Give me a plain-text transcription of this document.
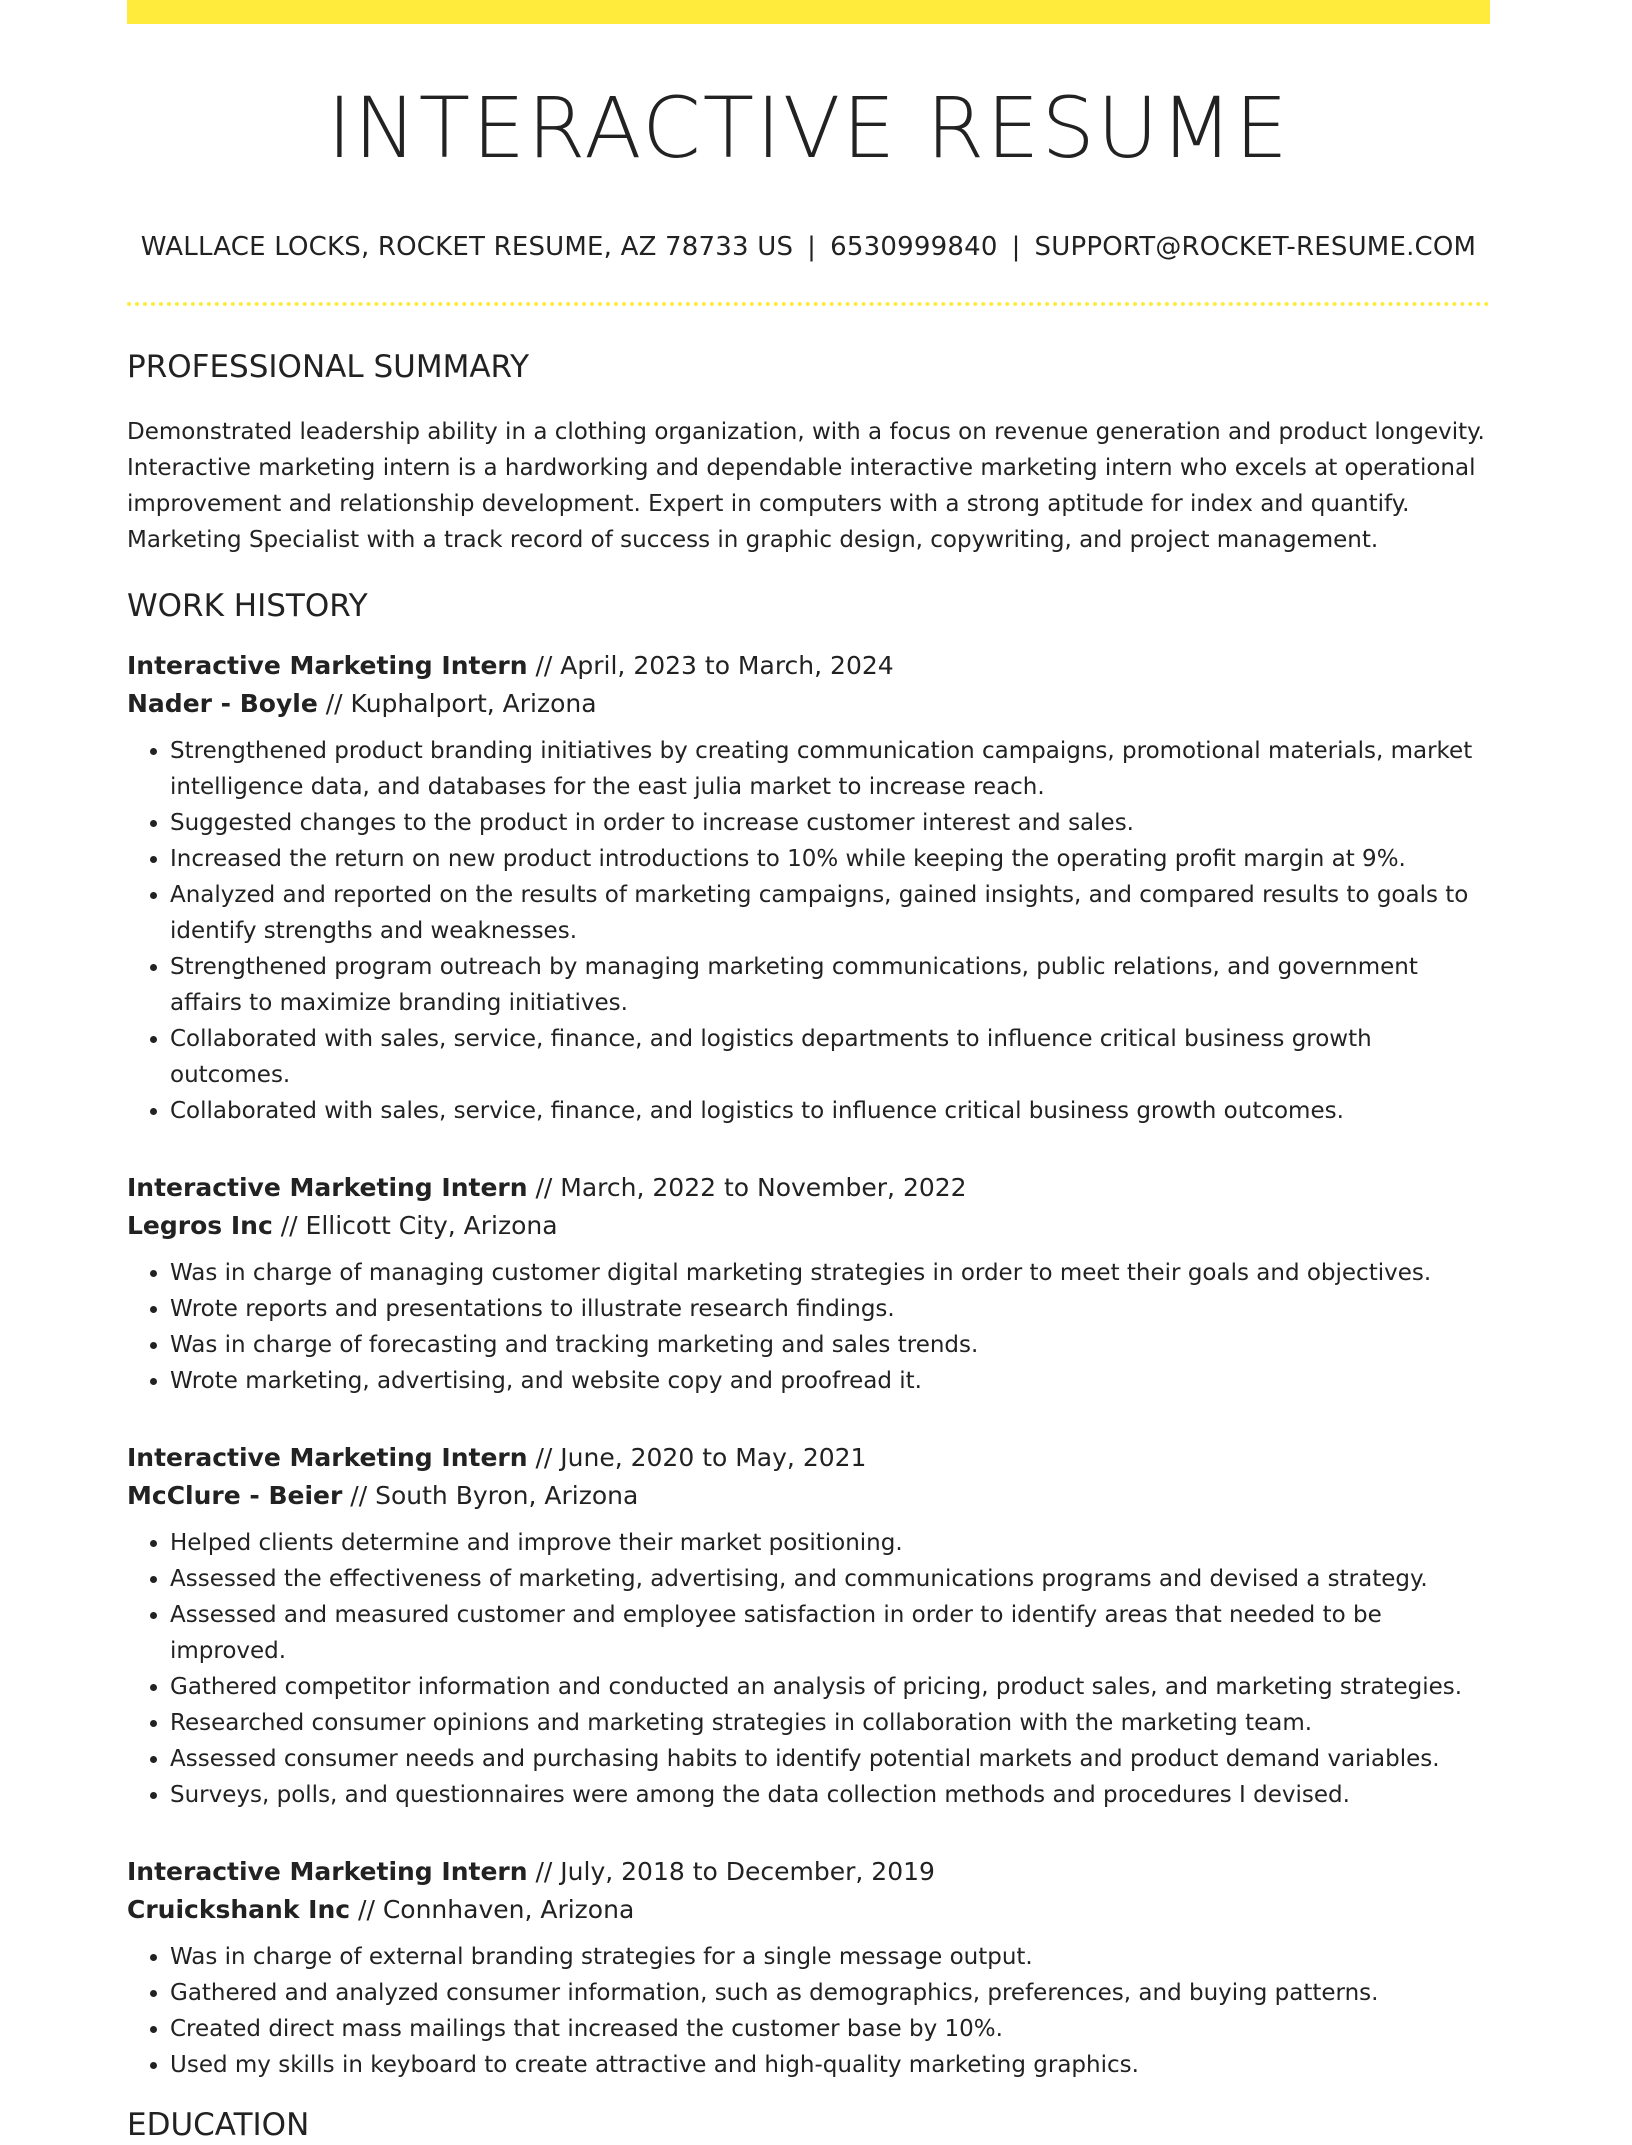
INTERACTIVE RESUME
WALLACE LOCKS, ROCKET RESUME, AZ 78733 US | 6530999840 | SUPPORT@ROCKET-RESUME.COM
PROFESSIONAL SUMMARY

Demonstrated leadership ability in a clothing organization, with a focus on revenue generation and product longevity. Interactive marketing intern is a hardworking and dependable interactive marketing intern who excels at operational improvement and relationship development. Expert in computers with a strong aptitude for index and quantify. Marketing Specialist with a track record of success in graphic design, copywriting, and project management.

WORK HISTORY
Interactive Marketing Intern // April, 2023 to March, 2024
Nader - Boyle // Kuphalport, Arizona
• Strengthened product branding initiatives by creating communication campaigns, promotional materials, market intelligence data, and databases for the east julia market to increase reach.
• Suggested changes to the product in order to increase customer interest and sales.
• Increased the return on new product introductions to 10% while keeping the operating profit margin at 9%.
• Analyzed and reported on the results of marketing campaigns, gained insights, and compared results to goals to identify strengths and weaknesses.
• Strengthened program outreach by managing marketing communications, public relations, and government affairs to maximize branding initiatives.
• Collaborated with sales, service, finance, and logistics departments to influence critical business growth outcomes.
• Collaborated with sales, service, finance, and logistics to influence critical business growth outcomes.
Interactive Marketing Intern // March, 2022 to November, 2022
Legros Inc // Ellicott City, Arizona
• Was in charge of managing customer digital marketing strategies in order to meet their goals and objectives.
• Wrote reports and presentations to illustrate research findings.
• Was in charge of forecasting and tracking marketing and sales trends.
• Wrote marketing, advertising, and website copy and proofread it.
Interactive Marketing Intern // June, 2020 to May, 2021
McClure - Beier // South Byron, Arizona
• Helped clients determine and improve their market positioning.
• Assessed the effectiveness of marketing, advertising, and communications programs and devised a strategy.
• Assessed and measured customer and employee satisfaction in order to identify areas that needed to be improved.
• Gathered competitor information and conducted an analysis of pricing, product sales, and marketing strategies.
• Researched consumer opinions and marketing strategies in collaboration with the marketing team.
• Assessed consumer needs and purchasing habits to identify potential markets and product demand variables.
• Surveys, polls, and questionnaires were among the data collection methods and procedures I devised.
Interactive Marketing Intern // July, 2018 to December, 2019
Cruickshank Inc // Connhaven, Arizona
• Was in charge of external branding strategies for a single message output.
• Gathered and analyzed consumer information, such as demographics, preferences, and buying patterns.
• Created direct mass mailings that increased the customer base by 10%.
• Used my skills in keyboard to create attractive and high-quality marketing graphics.
EDUCATION
